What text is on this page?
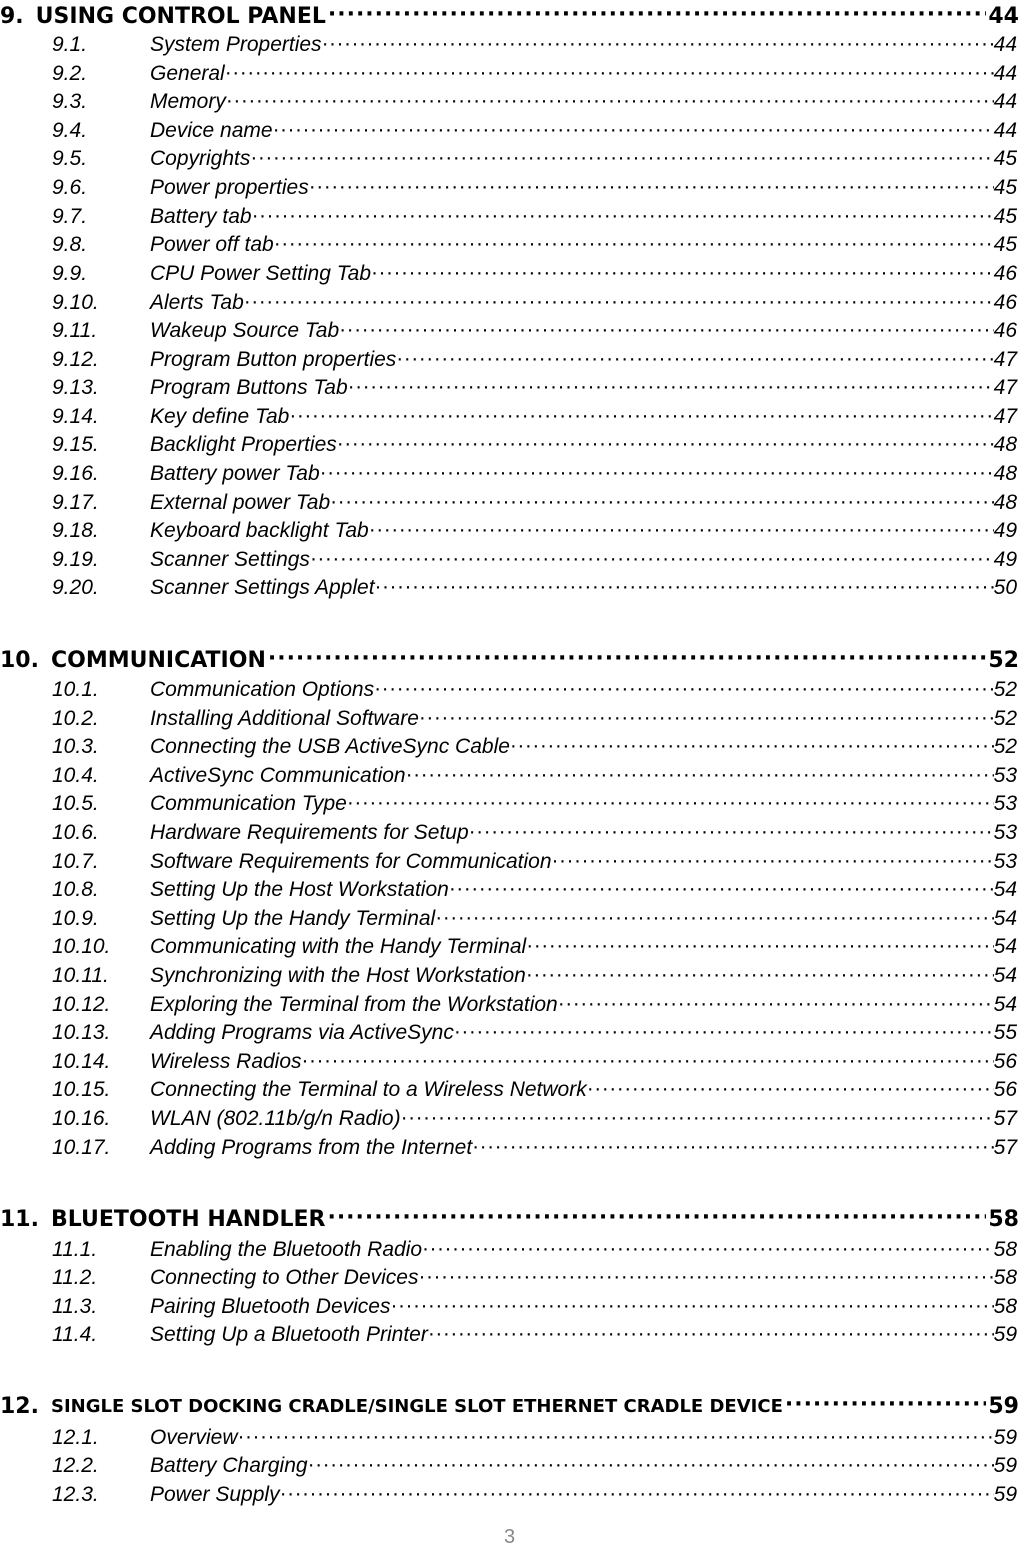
9. USING CONTROL PANEL ·····	44
9.1.	System Properties ·····	44
9.2.	General ·····	44
9.3.	Memory ·····	44
9.4.	Device name ·····	44
9.5.	Copyrights ·····	45
9.6.	Power properties ·····	45
9.7.	Battery tab ·····	45
9.8.	Power off tab ·····	45
9.9.	CPU Power Setting Tab ·····	46
9.10.	Alerts Tab ·····	46
9.11.	Wakeup Source Tab ·····	46
9.12.	Program Button properties ·····	47
9.13.	Program Buttons Tab ·····	47
9.14.	Key define Tab ·····	47
9.15.	Backlight Properties ·····	48
9.16.	Battery power Tab ·····	48
9.17.	External power Tab ·····	48
9.18.	Keyboard backlight Tab ·····	49
9.19.	Scanner Settings ·····	49
9.20.	Scanner Settings Applet ·····	50
10. COMMUNICATION ·····	52
10.1.	Communication Options ·····	52
10.2.	Installing Additional Software ·····	52
10.3.	Connecting the USB ActiveSync Cable ·····	52
10.4.	ActiveSync Communication ·····	53
10.5.	Communication Type ·····	53
10.6.	Hardware Requirements for Setup ·····	53
10.7.	Software Requirements for Communication ·····	53
10.8.	Setting Up the Host Workstation ·····	54
10.9.	Setting Up the Handy Terminal ·····	54
10.10.	Communicating with the Handy Terminal ·····	54
10.11.	Synchronizing with the Host Workstation ·····	54
10.12.	Exploring the Terminal from the Workstation ·····	54
10.13.	Adding Programs via ActiveSync ·····	55
10.14.	Wireless Radios ·····	56
10.15.	Connecting the Terminal to a Wireless Network ·····	56
10.16.	WLAN (802.11b/g/n Radio) ·····	57
10.17.	Adding Programs from the Internet ·····	57
11. BLUETOOTH HANDLER ·····	58
11.1.	Enabling the Bluetooth Radio ·····	58
11.2.	Connecting to Other Devices ·····	58
11.3.	Pairing Bluetooth Devices ·····	58
11.4.	Setting Up a Bluetooth Printer ·····	59
12. SINGLE SLOT DOCKING CRADLE/SINGLE SLOT ETHERNET CRADLE DEVICE ·····	59
12.1.	Overview ·····	59
12.2.	Battery Charging ·····	59
12.3.	Power Supply ·····	59
3
